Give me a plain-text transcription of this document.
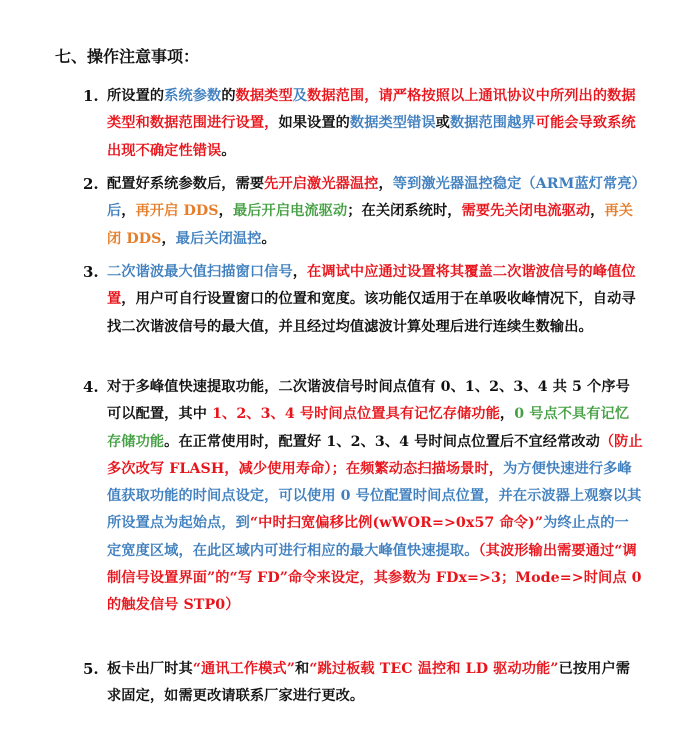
七、操作注意事项：
1. 所设置的系统参数的数据类型及数据范围，请严格按照以上通讯协议中所列出的数据类型和数据范围进行设置，如果设置的数据类型错误或数据范围越界可能会导致系统出现不确定性错误。
2. 配置好系统参数后，需要先开启激光器温控，等到激光器温控稳定（ARM蓝灯常亮）后，再开启 DDS，最后开启电流驱动；在关闭系统时，需要先关闭电流驱动，再关闭 DDS，最后关闭温控。
3. 二次谐波最大值扫描窗口信号，在调试中应通过设置将其覆盖二次谐波信号的峰值位置，用户可自行设置窗口的位置和宽度。该功能仅适用于在单吸收峰情况下，自动寻找二次谐波信号的最大值，并且经过均值滤波计算处理后进行连续生数输出。
4. 对于多峰值快速提取功能，二次谐波信号时间点值有 0、1、2、3、4 共 5 个序号可以配置，其中 1、2、3、4 号时间点位置具有记忆存储功能，0 号点不具有记忆存储功能。在正常使用时，配置好 1、2、3、4 号时间点位置后不宜经常改动（防止多次改写 FLASH，减少使用寿命）；在频繁动态扫描场景时，为方便快速进行多峰值获取功能的时间点设定，可以使用 0 号位配置时间点位置，并在示波器上观察以其所设置点为起始点，到“中时扫宽偏移比例(wWOR=>0x57 命令)”为终止点的一定宽度区域，在此区域内可进行相应的最大峰值快速提取。（其波形输出需要通过“调制信号设置界面”的“写 FD”命令来设定，其参数为 FDx=>3；Mode=>时间点 0 的触发信号 STP0）
5. 板卡出厂时其“通讯工作模式”和“跳过板载 TEC 温控和 LD 驱动功能”已按用户需求固定，如需更改请联系厂家进行更改。
